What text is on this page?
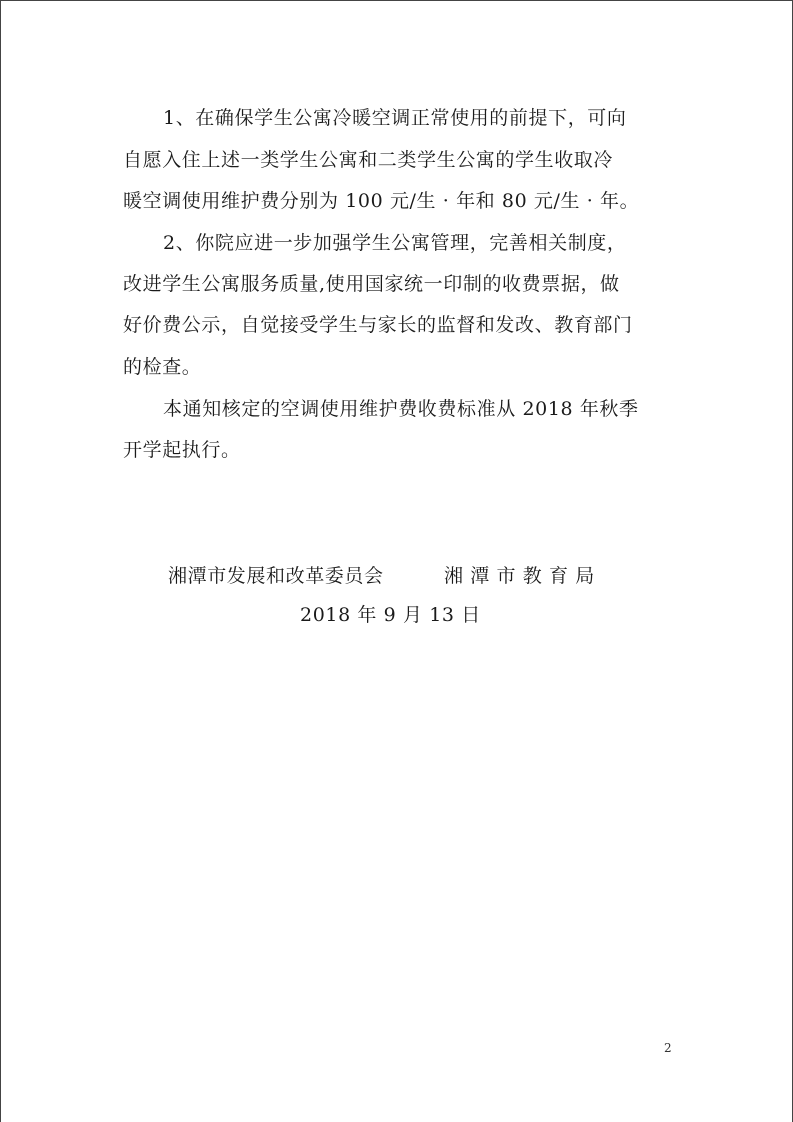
1、在确保学生公寓冷暖空调正常使用的前提下，可向
自愿入住上述一类学生公寓和二类学生公寓的学生收取冷
暖空调使用维护费分别为 100 元/生 · 年和 80 元/生 · 年。
2、你院应进一步加强学生公寓管理，完善相关制度，
改进学生公寓服务质量,使用国家统一印制的收费票据，做
好价费公示，自觉接受学生与家长的监督和发改、教育部门
的检查。
本通知核定的空调使用维护费收费标准从 2018 年秋季
开学起执行。
湘潭市发展和改革委员会	湘 潭 市 教 育 局
2018 年 9 月 13 日
2
